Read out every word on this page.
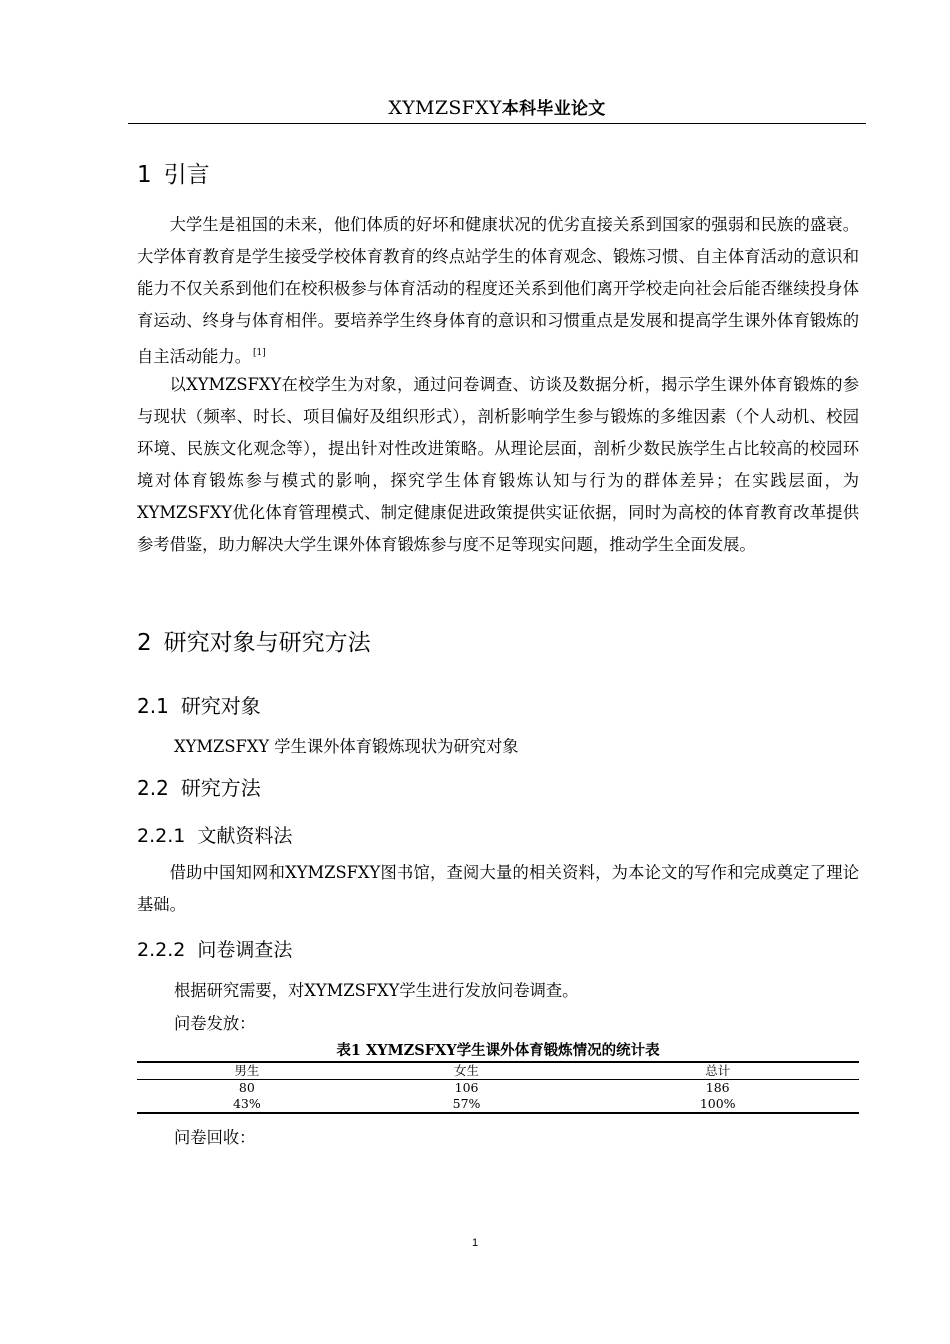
XYMZSFXY本科毕业论文
1 引言
大学生是祖国的未来，他们体质的好坏和健康状况的优劣直接关系到国家的强弱和民族的盛衰。大学体育教育是学生接受学校体育教育的终点站学生的体育观念、锻炼习惯、自主体育活动的意识和能力不仅关系到他们在校积极参与体育活动的程度还关系到他们离开学校走向社会后能否继续投身体育运动、终身与体育相伴。要培养学生终身体育的意识和习惯重点是发展和提高学生课外体育锻炼的自主活动能力。 [1]
以XYMZSFXY在校学生为对象，通过问卷调查、访谈及数据分析，揭示学生课外体育锻炼的参与现状（频率、时长、项目偏好及组织形式），剖析影响学生参与锻炼的多维因素（个人动机、校园环境、民族文化观念等），提出针对性改进策略。从理论层面，剖析少数民族学生占比较高的校园环境对体育锻炼参与模式的影响，探究学生体育锻炼认知与行为的群体差异；在实践层面，为XYMZSFXY优化体育管理模式、制定健康促进政策提供实证依据，同时为高校的体育教育改革提供参考借鉴，助力解决大学生课外体育锻炼参与度不足等现实问题，推动学生全面发展。
2 研究对象与研究方法
2.1 研究对象
XYMZSFXY 学生课外体育锻炼现状为研究对象
2.2 研究方法
2.2.1 文献资料法
借助中国知网和XYMZSFXY图书馆，查阅大量的相关资料，为本论文的写作和完成奠定了理论基础。
2.2.2 问卷调查法
根据研究需要，对XYMZSFXY学生进行发放问卷调查。
问卷发放：
表1 XYMZSFXY学生课外体育锻炼情况的统计表
男生	女生	总计
80	106	186
43%	57%	100%
问卷回收：
1
